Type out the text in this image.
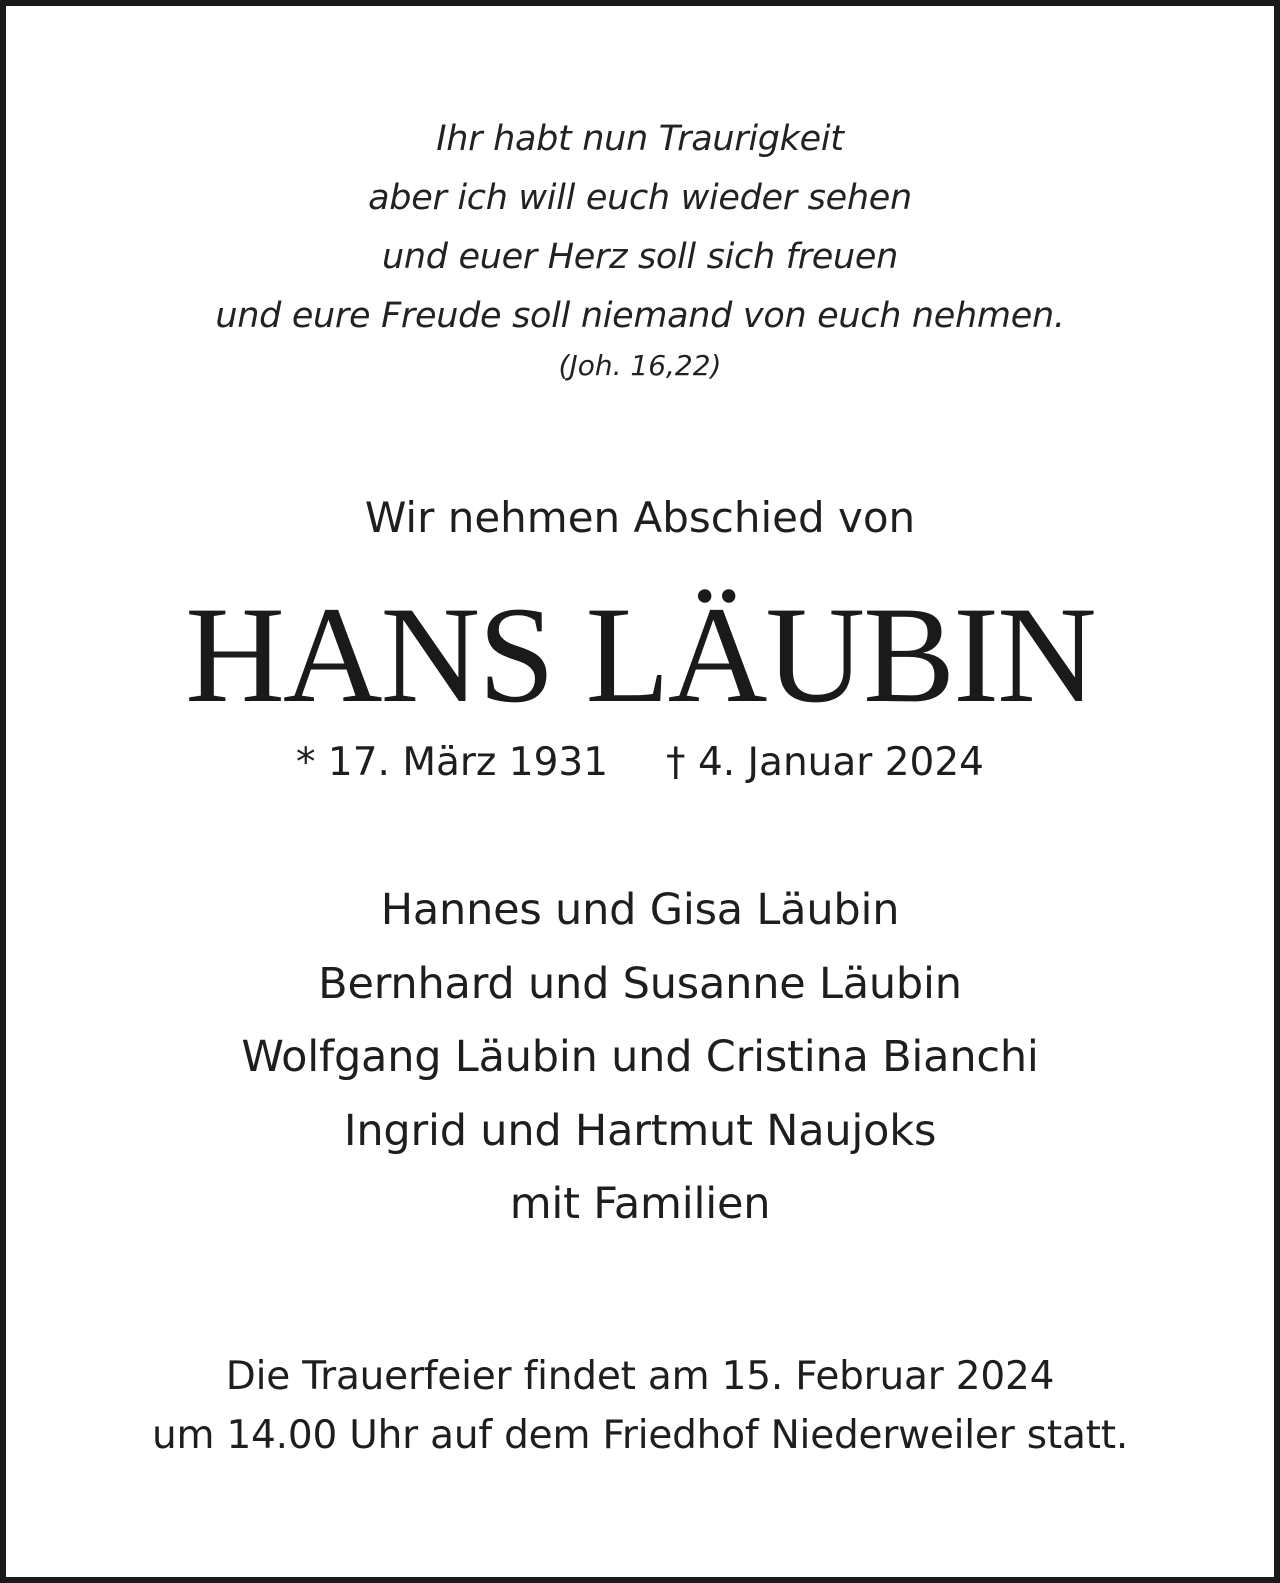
Ihr habt nun Traurigkeit
aber ich will euch wieder sehen
und euer Herz soll sich freuen
und eure Freude soll niemand von euch nehmen.
(Joh. 16,22)
Wir nehmen Abschied von
HANS LÄUBIN
* 17. März 1931 † 4. Januar 2024
Hannes und Gisa Läubin
Bernhard und Susanne Läubin
Wolfgang Läubin und Cristina Bianchi
Ingrid und Hartmut Naujoks
mit Familien
Die Trauerfeier findet am 15. Februar 2024
um 14.00 Uhr auf dem Friedhof Niederweiler statt.
